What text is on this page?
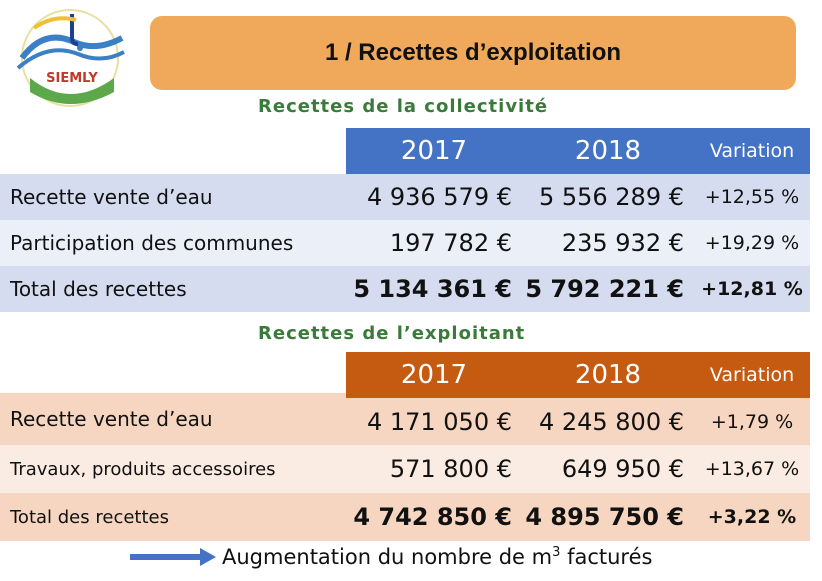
SIEMLY
1 / Recettes d’exploitation
Recettes de la collectivité
2017	2018	Variation
Recette vente d’eau	4 936 579 €	5 556 289 €	+12,55 %
Participation des communes	197 782 €	235 932 €	+19,29 %
Total des recettes	5 134 361 € 5 792 221 € +12,81 %
Recettes de l’exploitant
2017	2018	Variation
Recette vente d’eau	4 171 050 €	4 245 800 €	+1,79 %
Travaux, produits accessoires	571 800 €	649 950 €	+13,67 %
Total des recettes	4 742 850 € 4 895 750 €	+3,22 %
Augmentation du nombre de $m^3$ facturés
